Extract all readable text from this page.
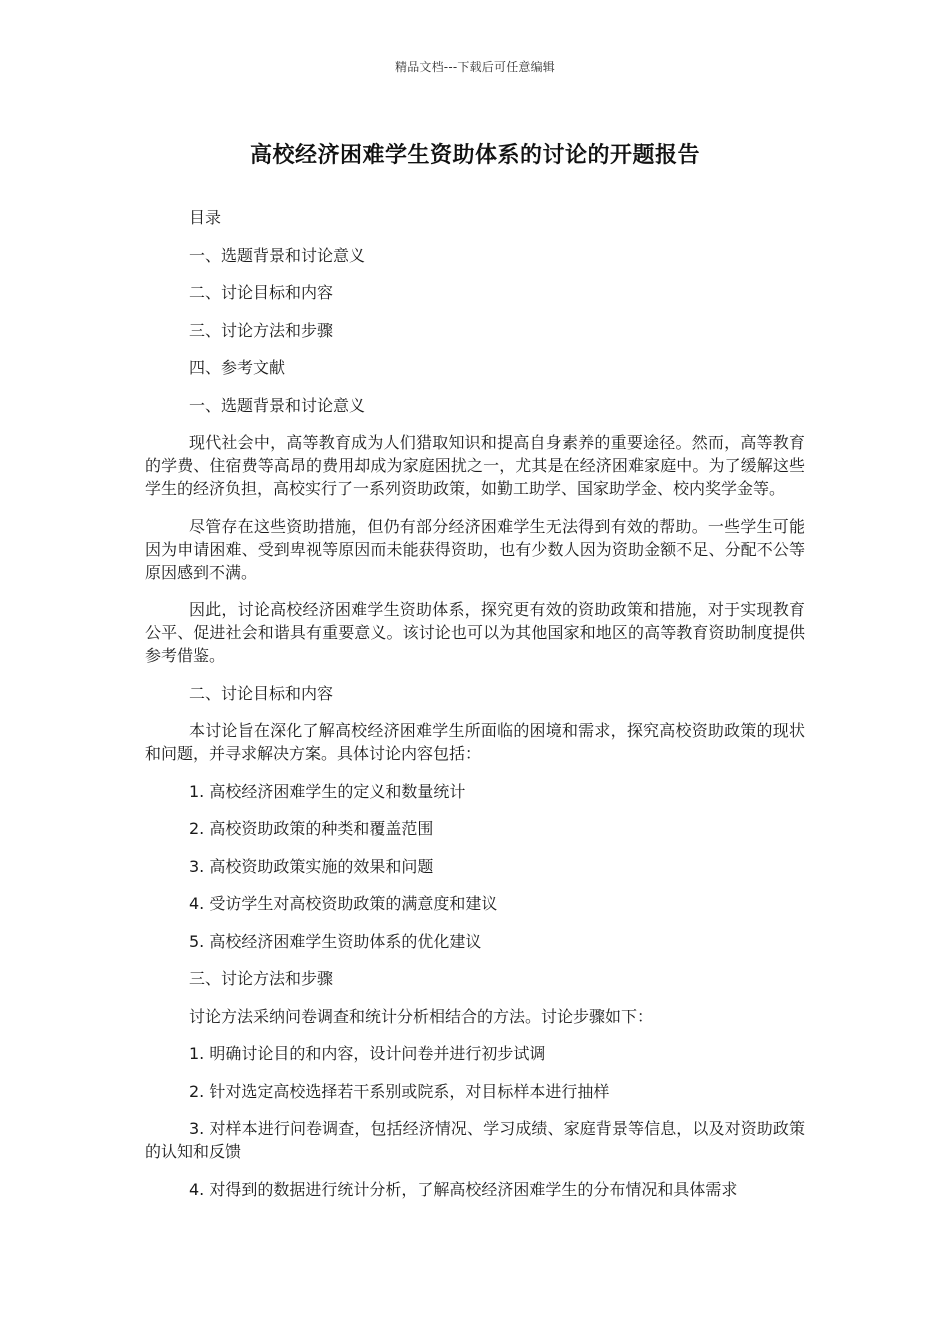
精品文档---下载后可任意编辑
高校经济困难学生资助体系的讨论的开题报告
目录
一、选题背景和讨论意义
二、讨论目标和内容
三、讨论方法和步骤
四、参考文献
一、选题背景和讨论意义

现代社会中，高等教育成为人们猎取知识和提高自身素养的重要途径。然而，高等教育的学费、住宿费等高昂的费用却成为家庭困扰之一，尤其是在经济困难家庭中。为了缓解这些学生的经济负担，高校实行了一系列资助政策，如勤工助学、国家助学金、校内奖学金等。

尽管存在这些资助措施，但仍有部分经济困难学生无法得到有效的帮助。一些学生可能因为申请困难、受到卑视等原因而未能获得资助，也有少数人因为资助金额不足、分配不公等原因感到不满。

因此，讨论高校经济困难学生资助体系，探究更有效的资助政策和措施，对于实现教育公平、促进社会和谐具有重要意义。该讨论也可以为其他国家和地区的高等教育资助制度提供参考借鉴。

二、讨论目标和内容

本讨论旨在深化了解高校经济困难学生所面临的困境和需求，探究高校资助政策的现状和问题，并寻求解决方案。具体讨论内容包括：

1. 高校经济困难学生的定义和数量统计
2. 高校资助政策的种类和覆盖范围
3. 高校资助政策实施的效果和问题
4. 受访学生对高校资助政策的满意度和建议
5. 高校经济困难学生资助体系的优化建议
三、讨论方法和步骤

讨论方法采纳问卷调查和统计分析相结合的方法。讨论步骤如下：

1. 明确讨论目的和内容，设计问卷并进行初步试调

2. 针对选定高校选择若干系别或院系，对目标样本进行抽样

3. 对样本进行问卷调查，包括经济情况、学习成绩、家庭背景等信息，以及对资助政策的认知和反馈

4. 对得到的数据进行统计分析，了解高校经济困难学生的分布情况和具体需求
